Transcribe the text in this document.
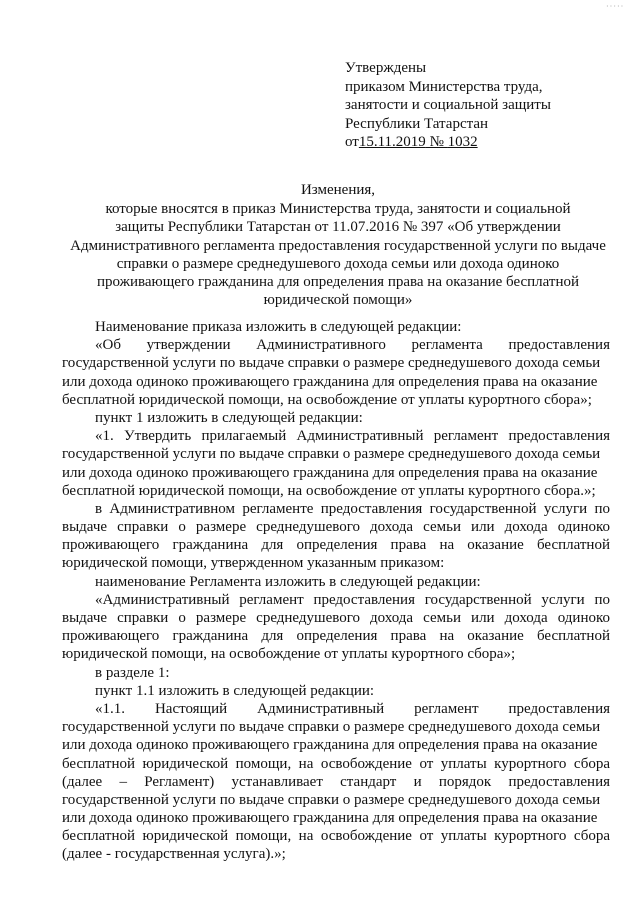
·····
Утверждены
приказом Министерства труда,
занятости и социальной защиты
Республики Татарстан
от15.11.2019 № 1032
Изменения,
которые вносятся в приказ Министерства труда, занятости и социальной
защиты Республики Татарстан от 11.07.2016 № 397 «Об утверждении
Административного регламента предоставления государственной услуги по выдаче
справки о размере среднедушевого дохода семьи или дохода одиноко
проживающего гражданина для определения права на оказание бесплатной
юридической помощи»
Наименование приказа изложить в следующей редакции:
«Об утверждении Административного регламента предоставления
государственной услуги по выдаче справки о размере среднедушевого дохода семьи
или дохода одиноко проживающего гражданина для определения права на оказание
бесплатной юридической помощи, на освобождение от уплаты курортного сбора»;
пункт 1 изложить в следующей редакции:
«1. Утвердить прилагаемый Административный регламент предоставления
государственной услуги по выдаче справки о размере среднедушевого дохода семьи
или дохода одиноко проживающего гражданина для определения права на оказание
бесплатной юридической помощи, на освобождение от уплаты курортного сбора.»;
в Административном регламенте предоставления государственной услуги по
выдаче справки о размере среднедушевого дохода семьи или дохода одиноко
проживающего гражданина для определения права на оказание бесплатной
юридической помощи, утвержденном указанным приказом:
наименование Регламента изложить в следующей редакции:
«Административный регламент предоставления государственной услуги по
выдаче справки о размере среднедушевого дохода семьи или дохода одиноко
проживающего гражданина для определения права на оказание бесплатной
юридической помощи, на освобождение от уплаты курортного сбора»;
в разделе 1:
пункт 1.1 изложить в следующей редакции:
«1.1. Настоящий Административный регламент предоставления
государственной услуги по выдаче справки о размере среднедушевого дохода семьи
или дохода одиноко проживающего гражданина для определения права на оказание
бесплатной юридической помощи, на освобождение от уплаты курортного сбора
(далее – Регламент) устанавливает стандарт и порядок предоставления
государственной услуги по выдаче справки о размере среднедушевого дохода семьи
или дохода одиноко проживающего гражданина для определения права на оказание
бесплатной юридической помощи, на освобождение от уплаты курортного сбора
(далее - государственная услуга).»;
